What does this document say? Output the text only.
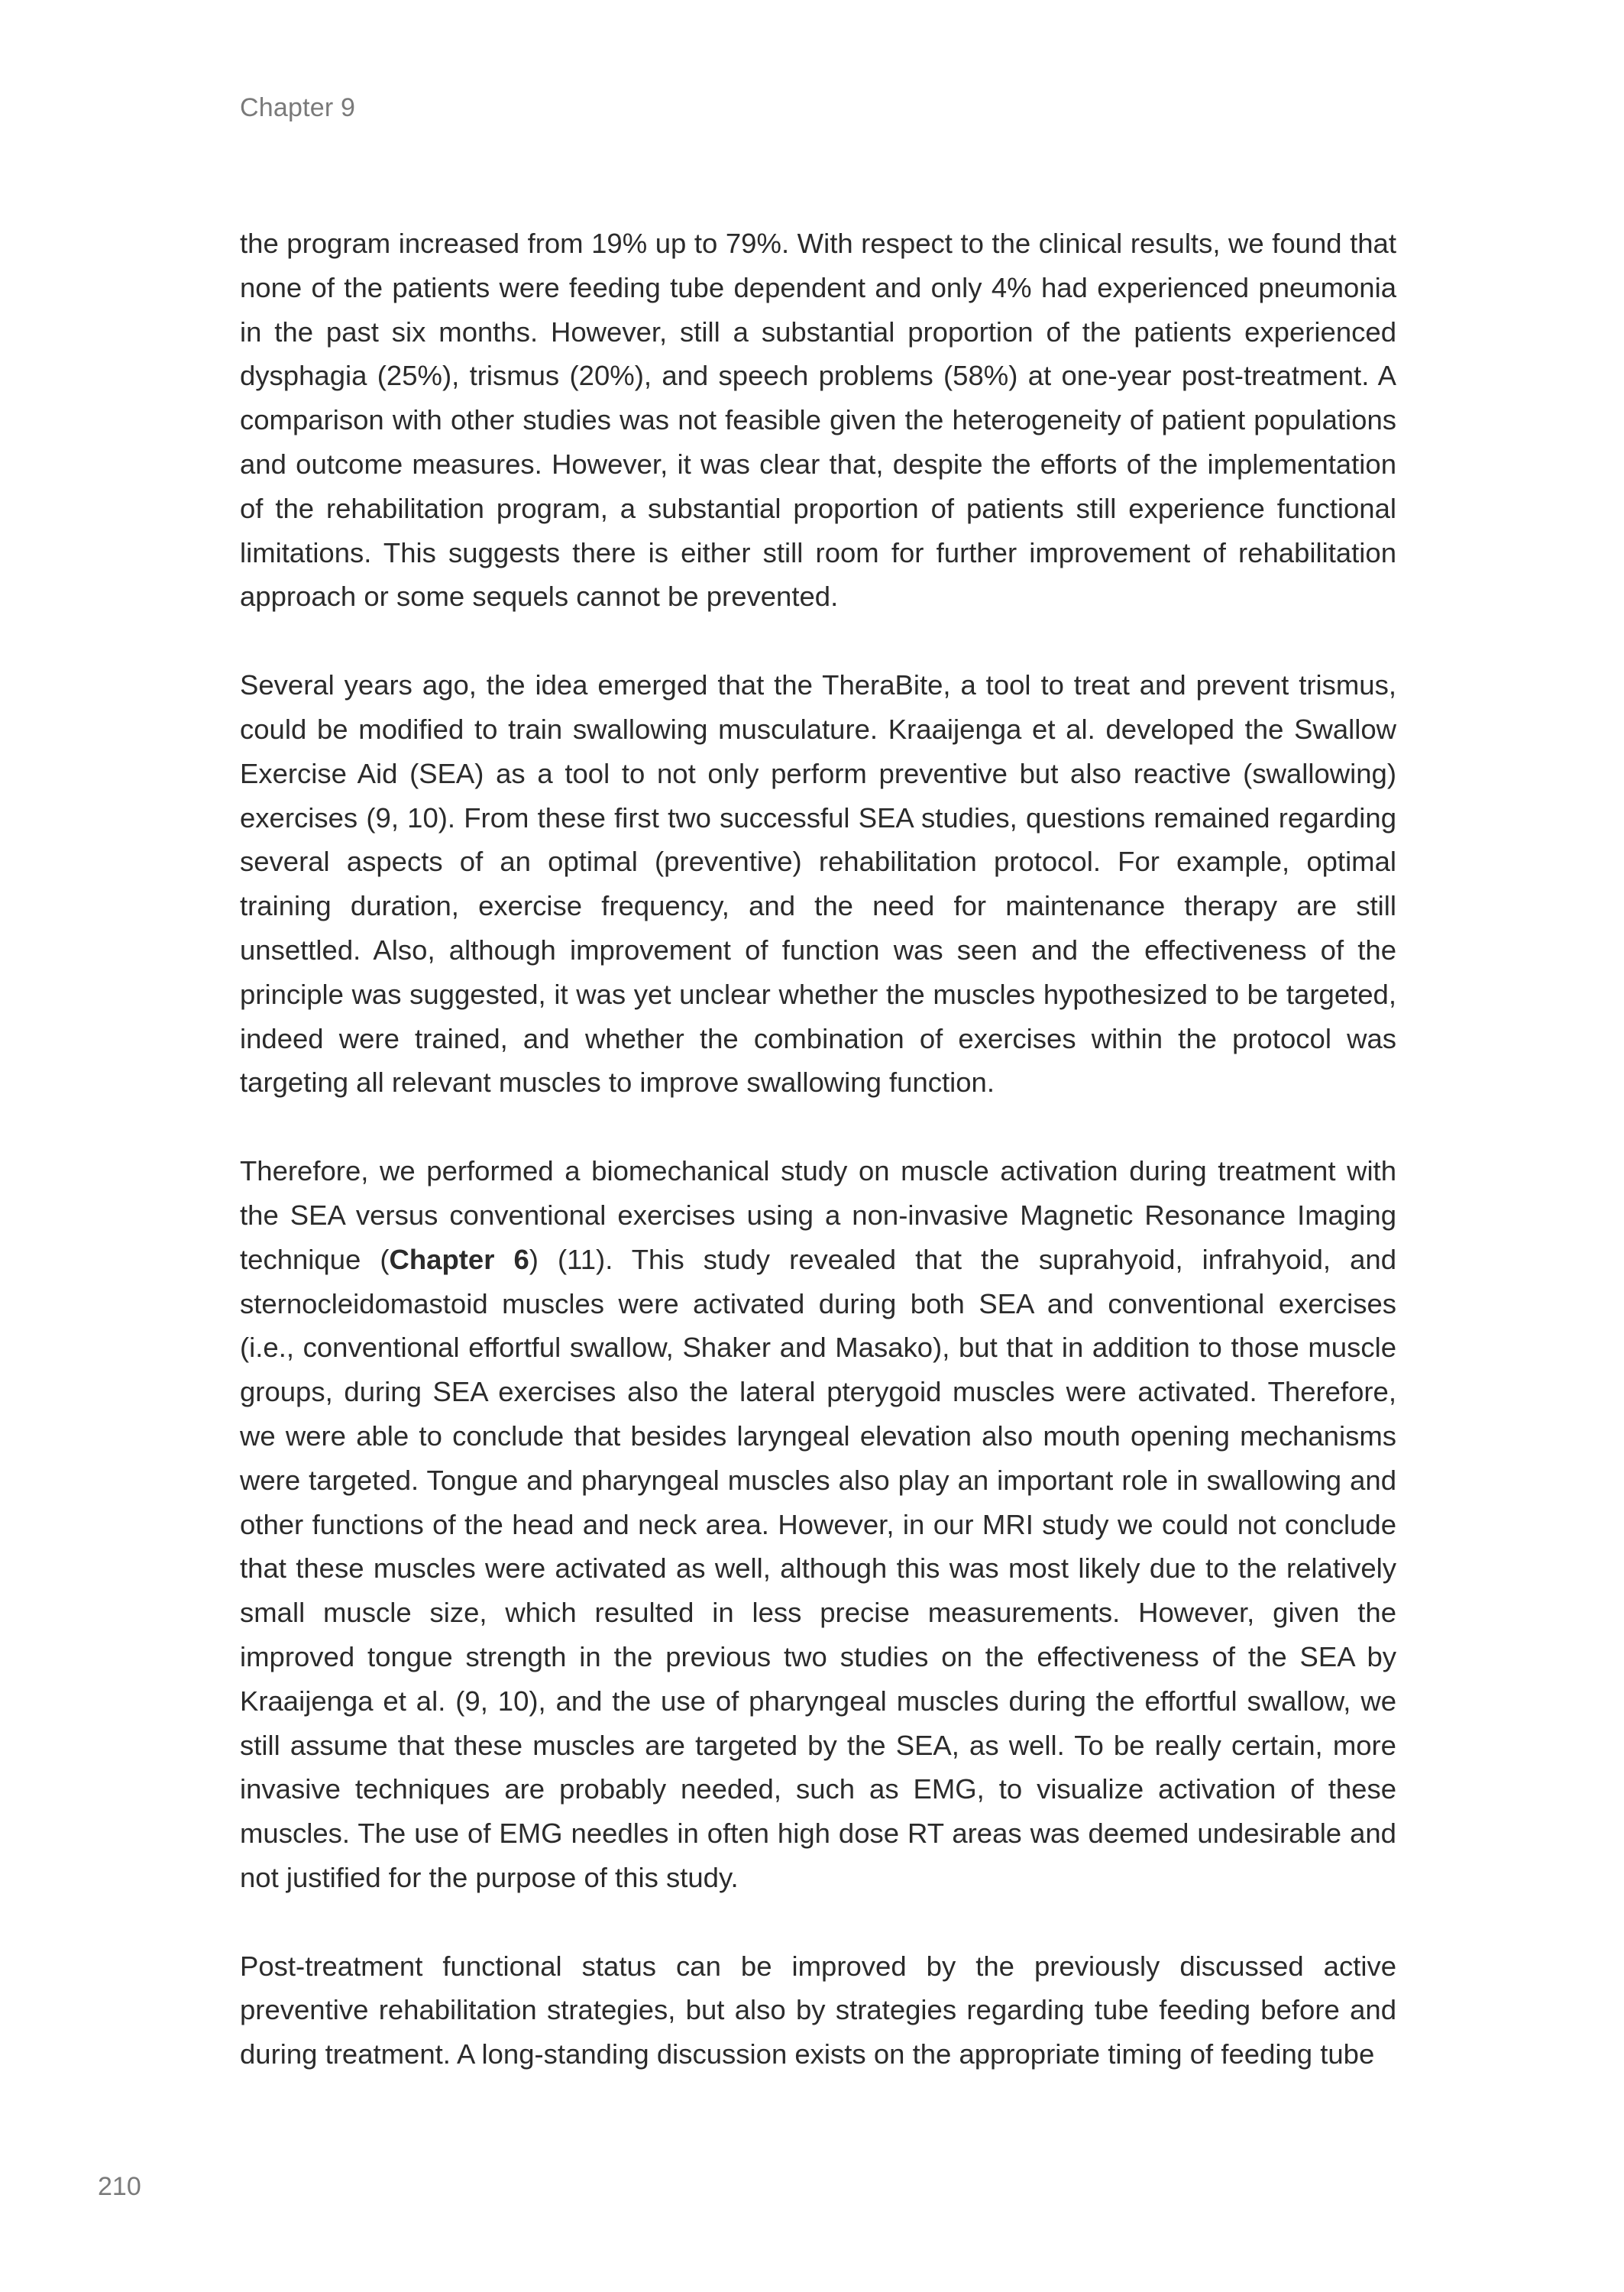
Chapter 9

the program increased from 19% up to 79%. With respect to the clinical results, we found that none of the patients were feeding tube dependent and only 4% had experienced pneumonia in the past six months. However, still a substantial proportion of the patients experienced dysphagia (25%), trismus (20%), and speech problems (58%) at one-year post-treatment. A comparison with other studies was not feasible given the heterogeneity of patient populations and outcome measures. However, it was clear that, despite the efforts of the implementation of the rehabilitation program, a substantial proportion of patients still experience functional limitations. This suggests there is either still room for further improvement of rehabilitation approach or some sequels cannot be prevented.

Several years ago, the idea emerged that the TheraBite, a tool to treat and prevent trismus, could be modified to train swallowing musculature. Kraaijenga et al. developed the Swallow Exercise Aid (SEA) as a tool to not only perform preventive but also reactive (swallowing) exercises (9, 10). From these first two successful SEA studies, questions remained regarding several aspects of an optimal (preventive) rehabilitation protocol. For example, optimal training duration, exercise frequency, and the need for maintenance therapy are still unsettled. Also, although improvement of function was seen and the effectiveness of the principle was suggested, it was yet unclear whether the muscles hypothesized to be targeted, indeed were trained, and whether the combination of exercises within the protocol was targeting all relevant muscles to improve swallowing function.

Therefore, we performed a biomechanical study on muscle activation during treatment with the SEA versus conventional exercises using a non-invasive Magnetic Resonance Imaging technique (Chapter 6) (11). This study revealed that the suprahyoid, infrahyoid, and sternocleidomastoid muscles were activated during both SEA and conventional exercises (i.e., conventional effortful swallow, Shaker and Masako), but that in addition to those muscle groups, during SEA exercises also the lateral pterygoid muscles were activated. Therefore, we were able to conclude that besides laryngeal elevation also mouth opening mechanisms were targeted. Tongue and pharyngeal muscles also play an important role in swallowing and other functions of the head and neck area. However, in our MRI study we could not conclude that these muscles were activated as well, although this was most likely due to the relatively small muscle size, which resulted in less precise measurements. However, given the improved tongue strength in the previous two studies on the effectiveness of the SEA by Kraaijenga et al. (9, 10), and the use of pharyngeal muscles during the effortful swallow, we still assume that these muscles are targeted by the SEA, as well. To be really certain, more invasive techniques are probably needed, such as EMG, to visualize activation of these muscles. The use of EMG needles in often high dose RT areas was deemed undesirable and not justified for the purpose of this study.

Post-treatment functional status can be improved by the previously discussed active preventive rehabilitation strategies, but also by strategies regarding tube feeding before and during treatment. A long-standing discussion exists on the appropriate timing of feeding tube

210
